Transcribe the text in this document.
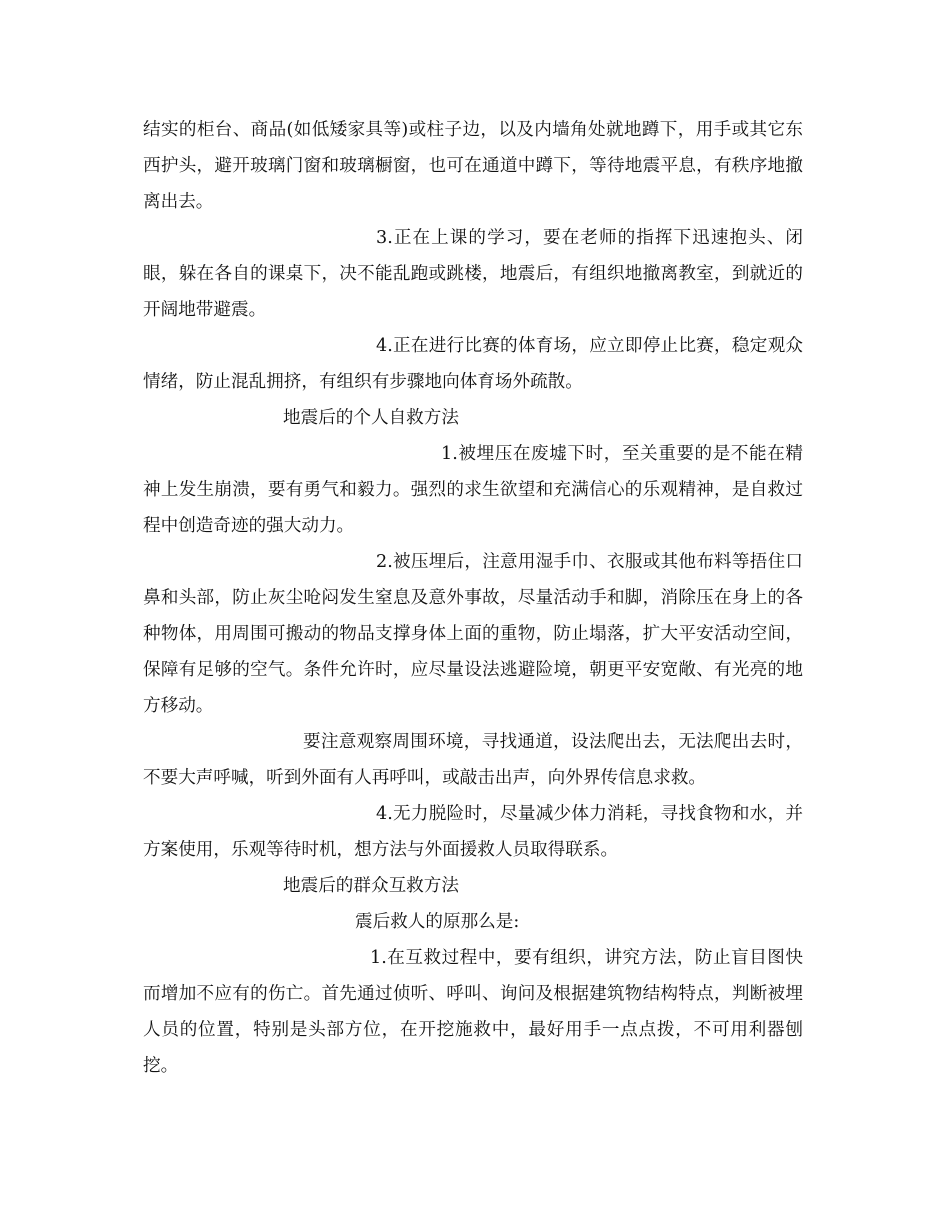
结实的柜台、商品(如低矮家具等)或柱子边，以及内墙角处就地蹲下，用手或其它东西护头，避开玻璃门窗和玻璃橱窗，也可在通道中蹲下，等待地震平息，有秩序地撤离出去。

3.正在上课的学习，要在老师的指挥下迅速抱头、闭眼，躲在各自的课桌下，决不能乱跑或跳楼，地震后，有组织地撤离教室，到就近的开阔地带避震。

4.正在进行比赛的体育场，应立即停止比赛，稳定观众情绪，防止混乱拥挤，有组织有步骤地向体育场外疏散。

地震后的个人自救方法

1.被埋压在废墟下时，至关重要的是不能在精神上发生崩溃，要有勇气和毅力。强烈的求生欲望和充满信心的乐观精神，是自救过程中创造奇迹的强大动力。

2.被压埋后，注意用湿手巾、衣服或其他布料等捂住口鼻和头部，防止灰尘呛闷发生窒息及意外事故，尽量活动手和脚，消除压在身上的各种物体，用周围可搬动的物品支撑身体上面的重物，防止塌落，扩大平安活动空间，保障有足够的空气。条件允许时，应尽量设法逃避险境，朝更平安宽敞、有光亮的地方移动。

要注意观察周围环境，寻找通道，设法爬出去，无法爬出去时，不要大声呼喊，听到外面有人再呼叫，或敲击出声，向外界传信息求救。

4.无力脱险时，尽量减少体力消耗，寻找食物和水，并方案使用，乐观等待时机，想方法与外面援救人员取得联系。

地震后的群众互救方法

震后救人的原那么是:

1.在互救过程中，要有组织，讲究方法，防止盲目图快而增加不应有的伤亡。首先通过侦听、呼叫、询问及根据建筑物结构特点，判断被埋人员的位置，特别是头部方位，在开挖施救中，最好用手一点点拨，不可用利器刨挖。
